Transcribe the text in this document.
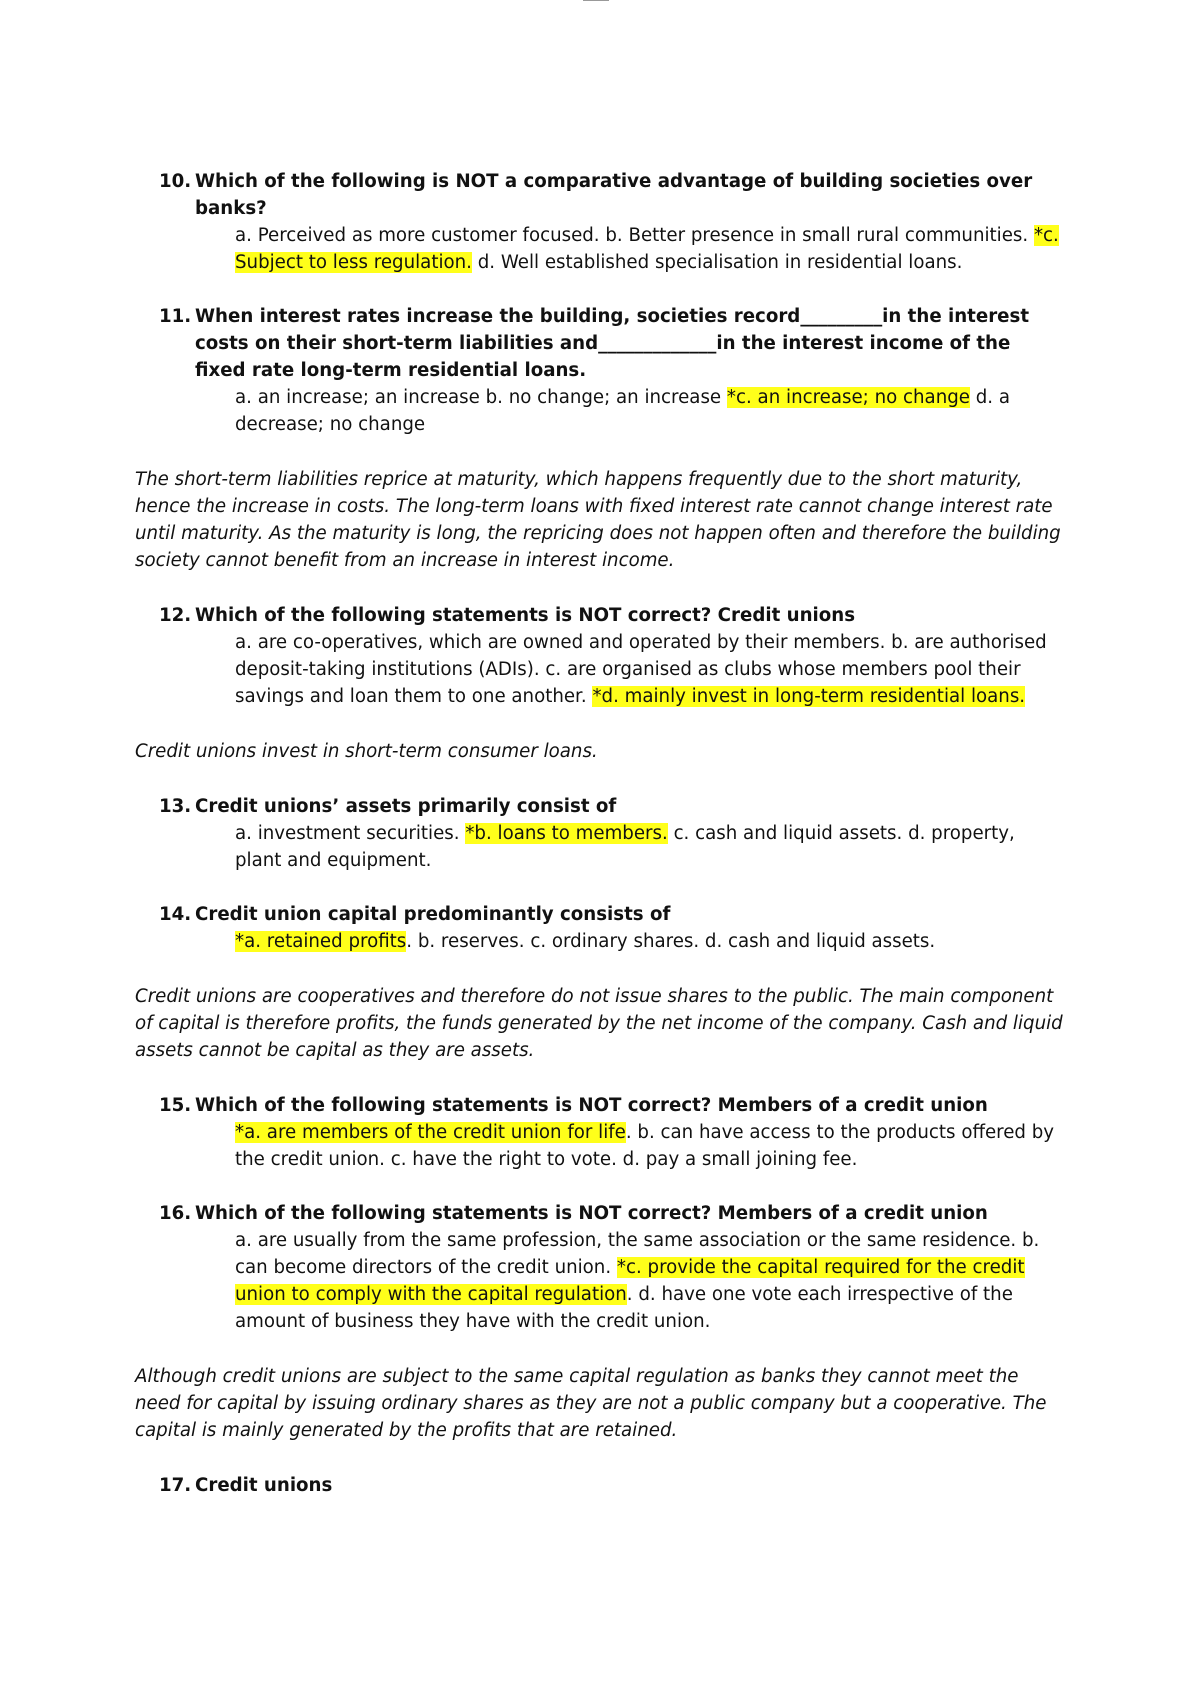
10. Which of the following is NOT a comparative advantage of building societies over banks?
a. Perceived as more customer focused. b. Better presence in small rural communities. *c. Subject to less regulation. d. Well established specialisation in residential loans.
11. When interest rates increase the building, societies record_________in the interest costs on their short-term liabilities and_____________in the interest income of the fixed rate long-term residential loans.
a. an increase; an increase b. no change; an increase *c. an increase; no change d. a decrease; no change
The short-term liabilities reprice at maturity, which happens frequently due to the short maturity, hence the increase in costs. The long-term loans with fixed interest rate cannot change interest rate until maturity. As the maturity is long, the repricing does not happen often and therefore the building society cannot benefit from an increase in interest income.
12. Which of the following statements is NOT correct? Credit unions
a. are co-operatives, which are owned and operated by their members. b. are authorised deposit-taking institutions (ADIs). c. are organised as clubs whose members pool their savings and loan them to one another. *d. mainly invest in long-term residential loans.
Credit unions invest in short-term consumer loans.
13. Credit unions’ assets primarily consist of
a. investment securities. *b. loans to members. c. cash and liquid assets. d. property, plant and equipment.
14. Credit union capital predominantly consists of
*a. retained profits. b. reserves. c. ordinary shares. d. cash and liquid assets.
Credit unions are cooperatives and therefore do not issue shares to the public. The main component of capital is therefore profits, the funds generated by the net income of the company. Cash and liquid assets cannot be capital as they are assets.
15. Which of the following statements is NOT correct? Members of a credit union
*a. are members of the credit union for life. b. can have access to the products offered by the credit union. c. have the right to vote. d. pay a small joining fee.
16. Which of the following statements is NOT correct? Members of a credit union
a. are usually from the same profession, the same association or the same residence. b. can become directors of the credit union. *c. provide the capital required for the credit union to comply with the capital regulation. d. have one vote each irrespective of the amount of business they have with the credit union.
Although credit unions are subject to the same capital regulation as banks they cannot meet the need for capital by issuing ordinary shares as they are not a public company but a cooperative. The capital is mainly generated by the profits that are retained.
17. Credit unions
